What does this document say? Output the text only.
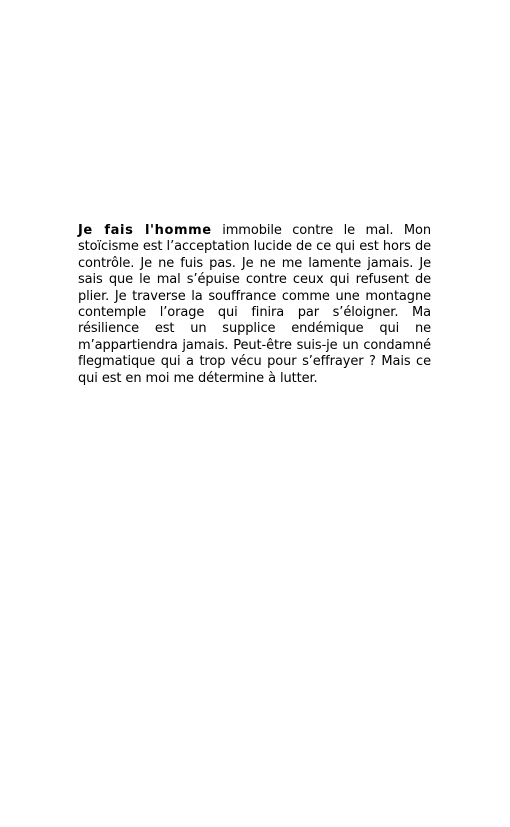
Je fais l'homme immobile contre le mal. Mon stoïcisme est l’acceptation lucide de ce qui est hors de contrôle. Je ne fuis pas. Je ne me lamente jamais. Je sais que le mal s’épuise contre ceux qui refusent de plier. Je traverse la souffrance comme une montagne contemple l’orage qui finira par s’éloigner. Ma résilience est un supplice endémique qui ne m’appartiendra jamais. Peut-être suis-je un condamné flegmatique qui a trop vécu pour s’effrayer ? Mais ce qui est en moi me détermine à lutter.
